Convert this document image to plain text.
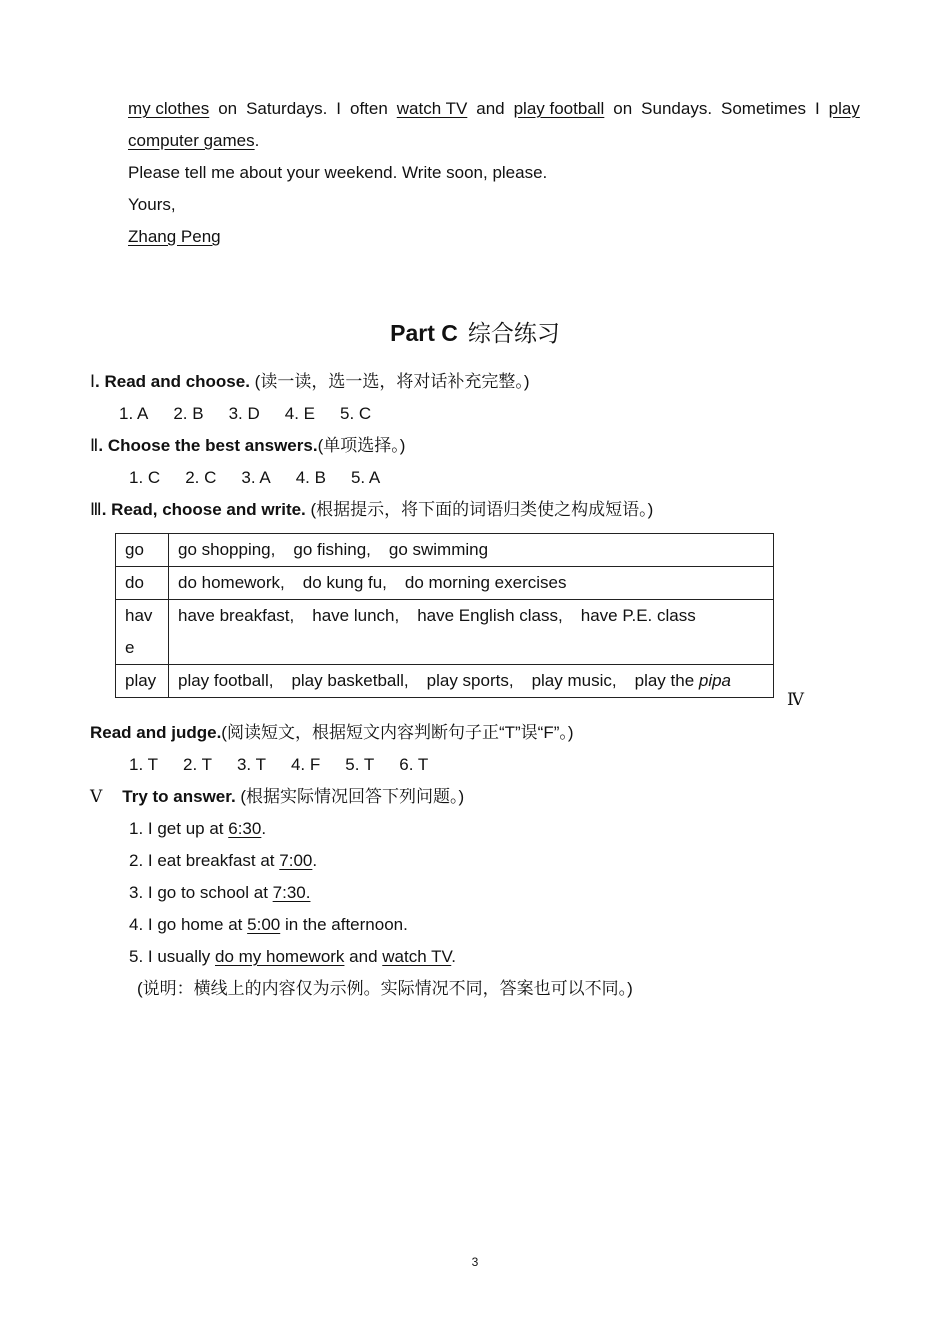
my clothes on Saturdays. I often watch TV and play football on Sundays. Sometimes I play
computer games.
Please tell me about your weekend. Write soon, please.
Yours,
Zhang Peng
Part C 综合练习
Ⅰ. Read and choose. (读一读，选一选，将对话补充完整。)
1. A 2. B 3. D 4. E 5. C
Ⅱ. Choose the best answers.(单项选择。)
1. C 2. C 3. A 4. B 5. A
Ⅲ. Read, choose and write. (根据提示，将下面的词语归类使之构成短语。)
go	go shopping, go fishing, go swimming
do	do homework, do kung fu, do morning exercises

hav
e	have breakfast, have lunch, have English class, have P.E. class
play	play football, play basketball, play sports, play music, play the pipa
Ⅳ
Read and judge.(阅读短文，根据短文内容判断句子正“T”误“F”。)
1. T 2. T 3. T 4. F 5. T 6. T
Ⅴ Try to answer. (根据实际情况回答下列问题。)
1. I get up at 6:30.
2. I eat breakfast at 7:00.
3. I go to school at 7:30.
4. I go home at 5:00 in the afternoon.
5. I usually do my homework and watch TV.
(说明：横线上的内容仅为示例。实际情况不同，答案也可以不同。)
3
